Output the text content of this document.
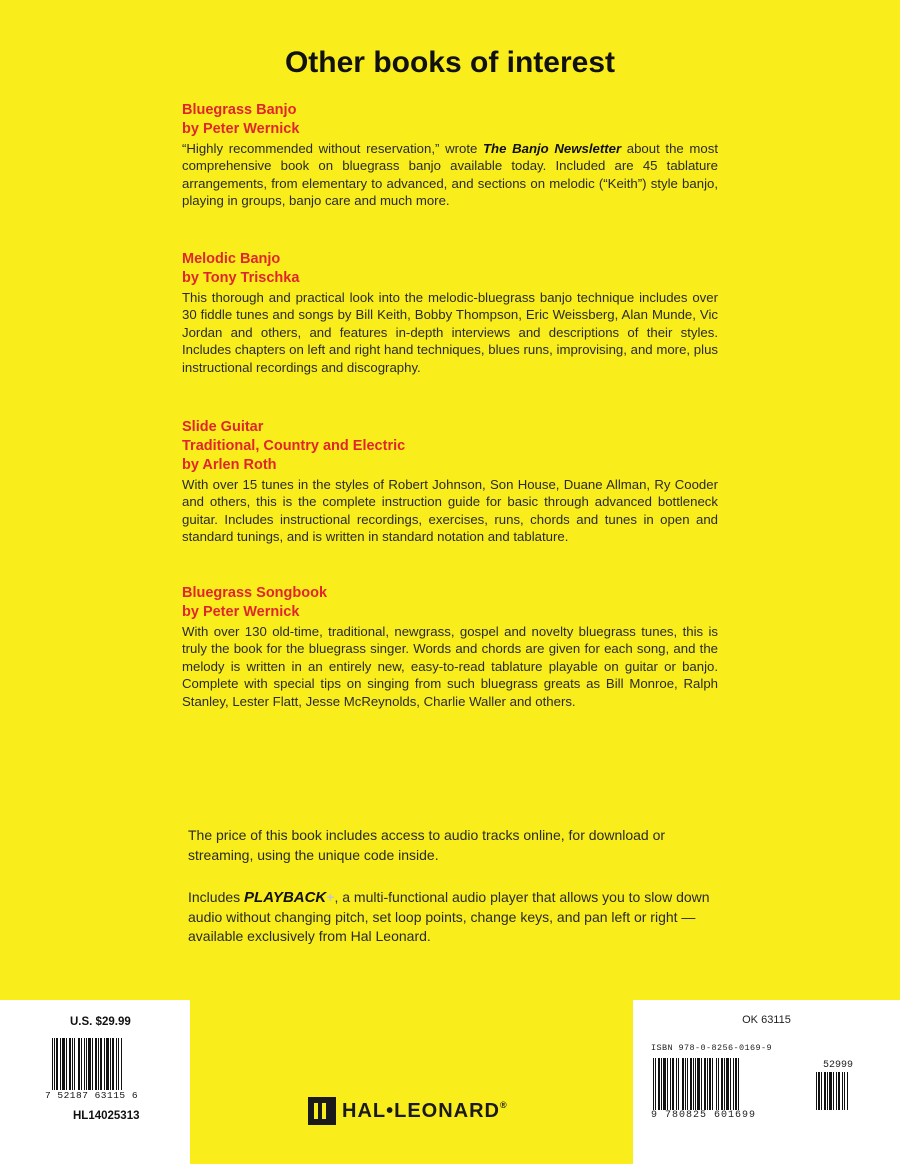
Other books of interest
Bluegrass Banjo
by Peter Wernick
“Highly recommended without reservation,” wrote The Banjo Newsletter about the most comprehensive book on bluegrass banjo available today. Included are 45 tablature arrangements, from elementary to advanced, and sections on melodic (“Keith”) style banjo, playing in groups, banjo care and much more.
Melodic Banjo
by Tony Trischka
This thorough and practical look into the melodic-bluegrass banjo technique includes over 30 fiddle tunes and songs by Bill Keith, Bobby Thompson, Eric Weissberg, Alan Munde, Vic Jordan and others, and features in-depth interviews and descriptions of their styles. Includes chapters on left and right hand techniques, blues runs, improvising, and more, plus instructional recordings and discography.
Slide Guitar
Traditional, Country and Electric
by Arlen Roth
With over 15 tunes in the styles of Robert Johnson, Son House, Duane Allman, Ry Cooder and others, this is the complete instruction guide for basic through advanced bottleneck guitar. Includes instructional recordings, exercises, runs, chords and tunes in open and standard tunings, and is written in standard notation and tablature.
Bluegrass Songbook
by Peter Wernick
With over 130 old-time, traditional, newgrass, gospel and novelty bluegrass tunes, this is truly the book for the bluegrass singer. Words and chords are given for each song, and the melody is written in an entirely new, easy-to-read tablature playable on guitar or banjo. Complete with special tips on singing from such bluegrass greats as Bill Monroe, Ralph Stanley, Lester Flatt, Jesse McReynolds, Charlie Waller and others.
The price of this book includes access to audio tracks online, for download or streaming, using the unique code inside.
Includes PLAYBACK+, a multi-functional audio player that allows you to slow down audio without changing pitch, set loop points, change keys, and pan left or right — available exclusively from Hal Leonard.
U.S. $29.99
7 52187 63115 6
HL14025313
OK 63115
ISBN 978-0-8256-0169-9
52999
9 780825 601699
HAL•LEONARD®
